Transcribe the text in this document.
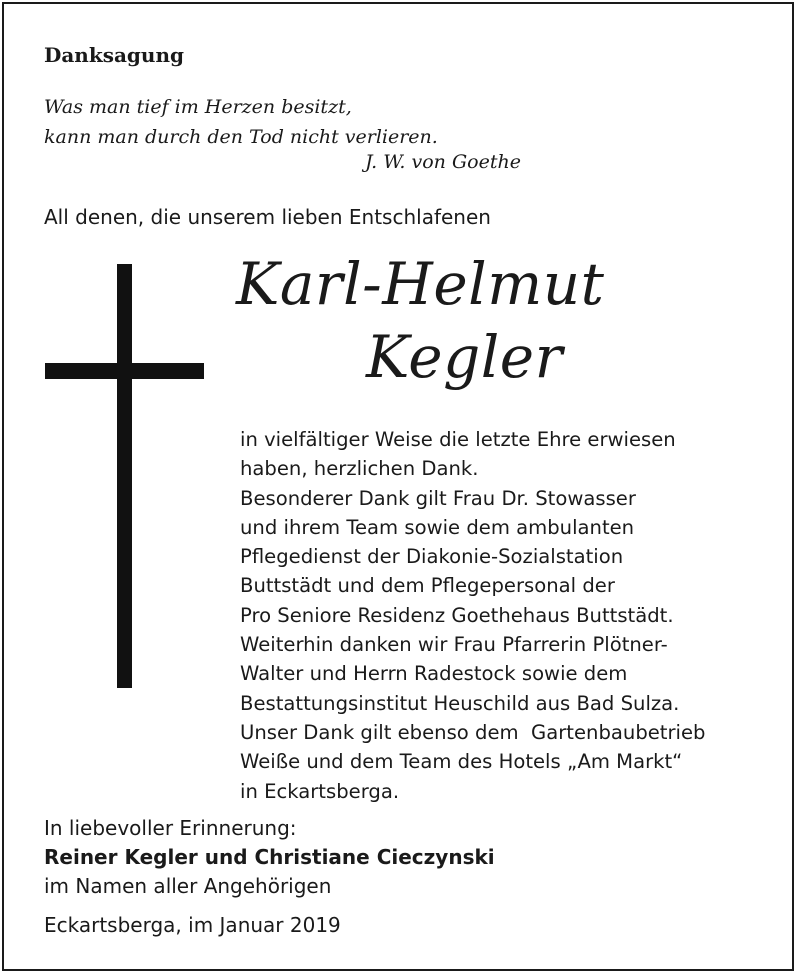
Danksagung
Was man tief im Herzen besitzt,
kann man durch den Tod nicht verlieren.
J. W. von Goethe
All denen, die unserem lieben Entschlafenen
Karl-Helmut
Kegler
in vielfältiger Weise die letzte Ehre erwiesen
haben, herzlichen Dank.
Besonderer Dank gilt Frau Dr. Stowasser
und ihrem Team sowie dem ambulanten
Pflegedienst der Diakonie-Sozialstation
Buttstädt und dem Pflegepersonal der
Pro Seniore Residenz Goethehaus Buttstädt.
Weiterhin danken wir Frau Pfarrerin Plötner-
Walter und Herrn Radestock sowie dem
Bestattungsinstitut Heuschild aus Bad Sulza.
Unser Dank gilt ebenso dem  Gartenbaubetrieb
Weiße und dem Team des Hotels „Am Markt“
in Eckartsberga.
In liebevoller Erinnerung:
Reiner Kegler und Christiane Cieczynski
im Namen aller Angehörigen
Eckartsberga, im Januar 2019
